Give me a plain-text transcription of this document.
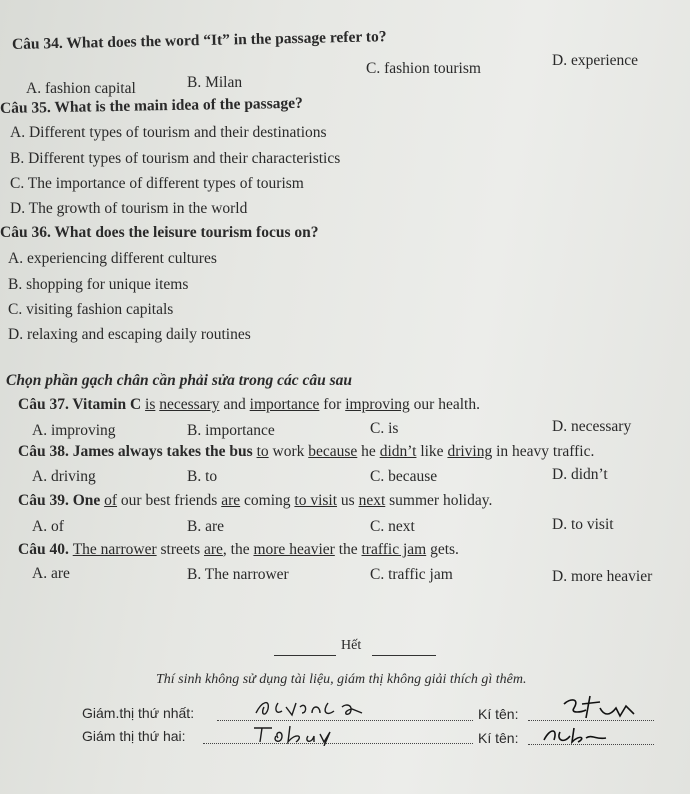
Câu 34. What does the word “It” in the passage refer to?
A. fashion capital	B. Milan
C. fashion tourism	D. experience
Câu 35. What is the main idea of the passage?
A. Different types of tourism and their destinations
B. Different types of tourism and their characteristics
C. The importance of different types of tourism
D. The growth of tourism in the world
Câu 36. What does the leisure tourism focus on?
A. experiencing different cultures
B. shopping for unique items
C. visiting fashion capitals
D. relaxing and escaping daily routines
Chọn phần gạch chân cần phải sửa trong các câu sau
Câu 37. Vitamin C is necessary and importance for improving our health.
A. improving	B. importance	C. is	D. necessary
Câu 38. James always takes the bus to work because he didn’t like driving in heavy traffic.
A. driving	B. to	C. because	D. didn’t
Câu 39. One of our best friends are coming to visit us next summer holiday.
A. of	B. are	C. next	D. to visit
Câu 40. The narrower streets are, the more heavier the traffic jam gets.
A. are	B. The narrower	C. traffic jam	D. more heavier
Hết
Thí sinh không sử dụng tài liệu, giám thị không giải thích gì thêm.
Giám.thị thứ nhất:	Kí tên:
Giám thị thứ hai:	Kí tên:
